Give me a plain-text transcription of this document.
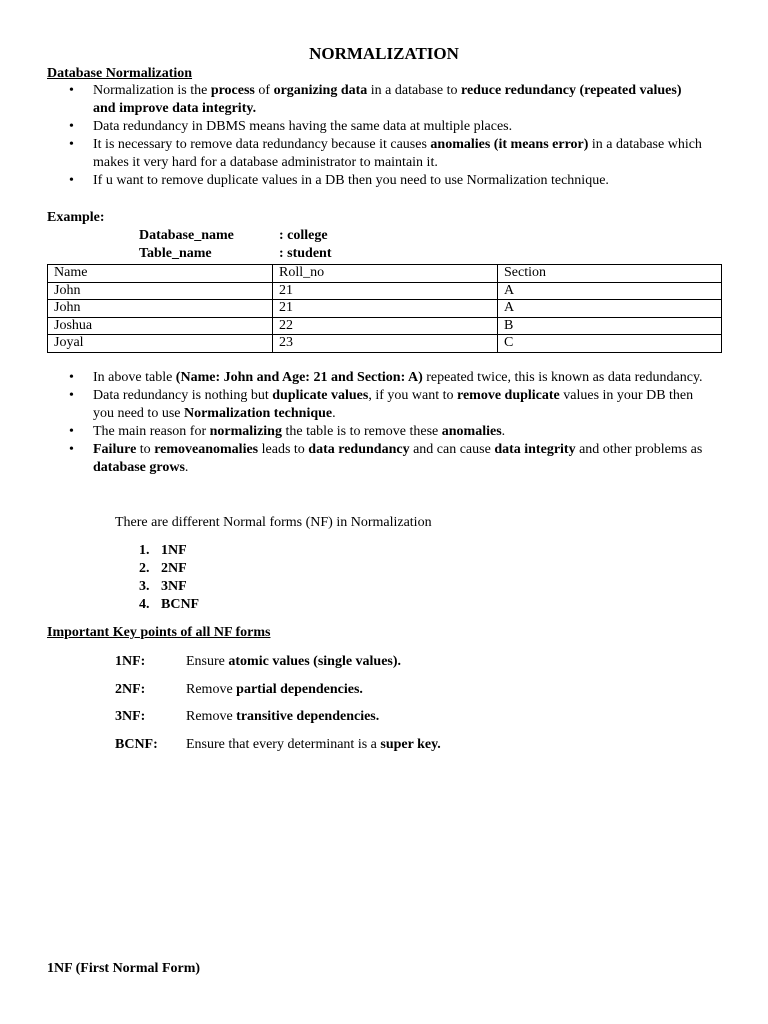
NORMALIZATION
Database Normalization
• Normalization is the process of organizing data in a database to reduce redundancy (repeated values) and improve data integrity.
• Data redundancy in DBMS means having the same data at multiple places.
• It is necessary to remove data redundancy because it causes anomalies (it means error) in a database which makes it very hard for a database administrator to maintain it.
• If u want to remove duplicate values in a DB then you need to use Normalization technique.
Example:
Database_name	: college
Table_name	: student
Name	Roll_no	Section
John	21	A
John	21	A
Joshua	22	B
Joyal	23	C
• In above table (Name: John and Age: 21 and Section: A) repeated twice, this is known as data redundancy.
• Data redundancy is nothing but duplicate values, if you want to remove duplicate values in your DB then you need to use Normalization technique.
• The main reason for normalizing the table is to remove these anomalies.
• Failure to removeanomalies leads to data redundancy and can cause data integrity and other problems as database grows.
There are different Normal forms (NF) in Normalization
1. 1NF
2. 2NF
3. 3NF
4. BCNF
Important Key points of all NF forms
1NF:	Ensure atomic values (single values).
2NF:	Remove partial dependencies.
3NF:	Remove transitive dependencies.
BCNF: Ensure that every determinant is a super key.
1NF (First Normal Form)
